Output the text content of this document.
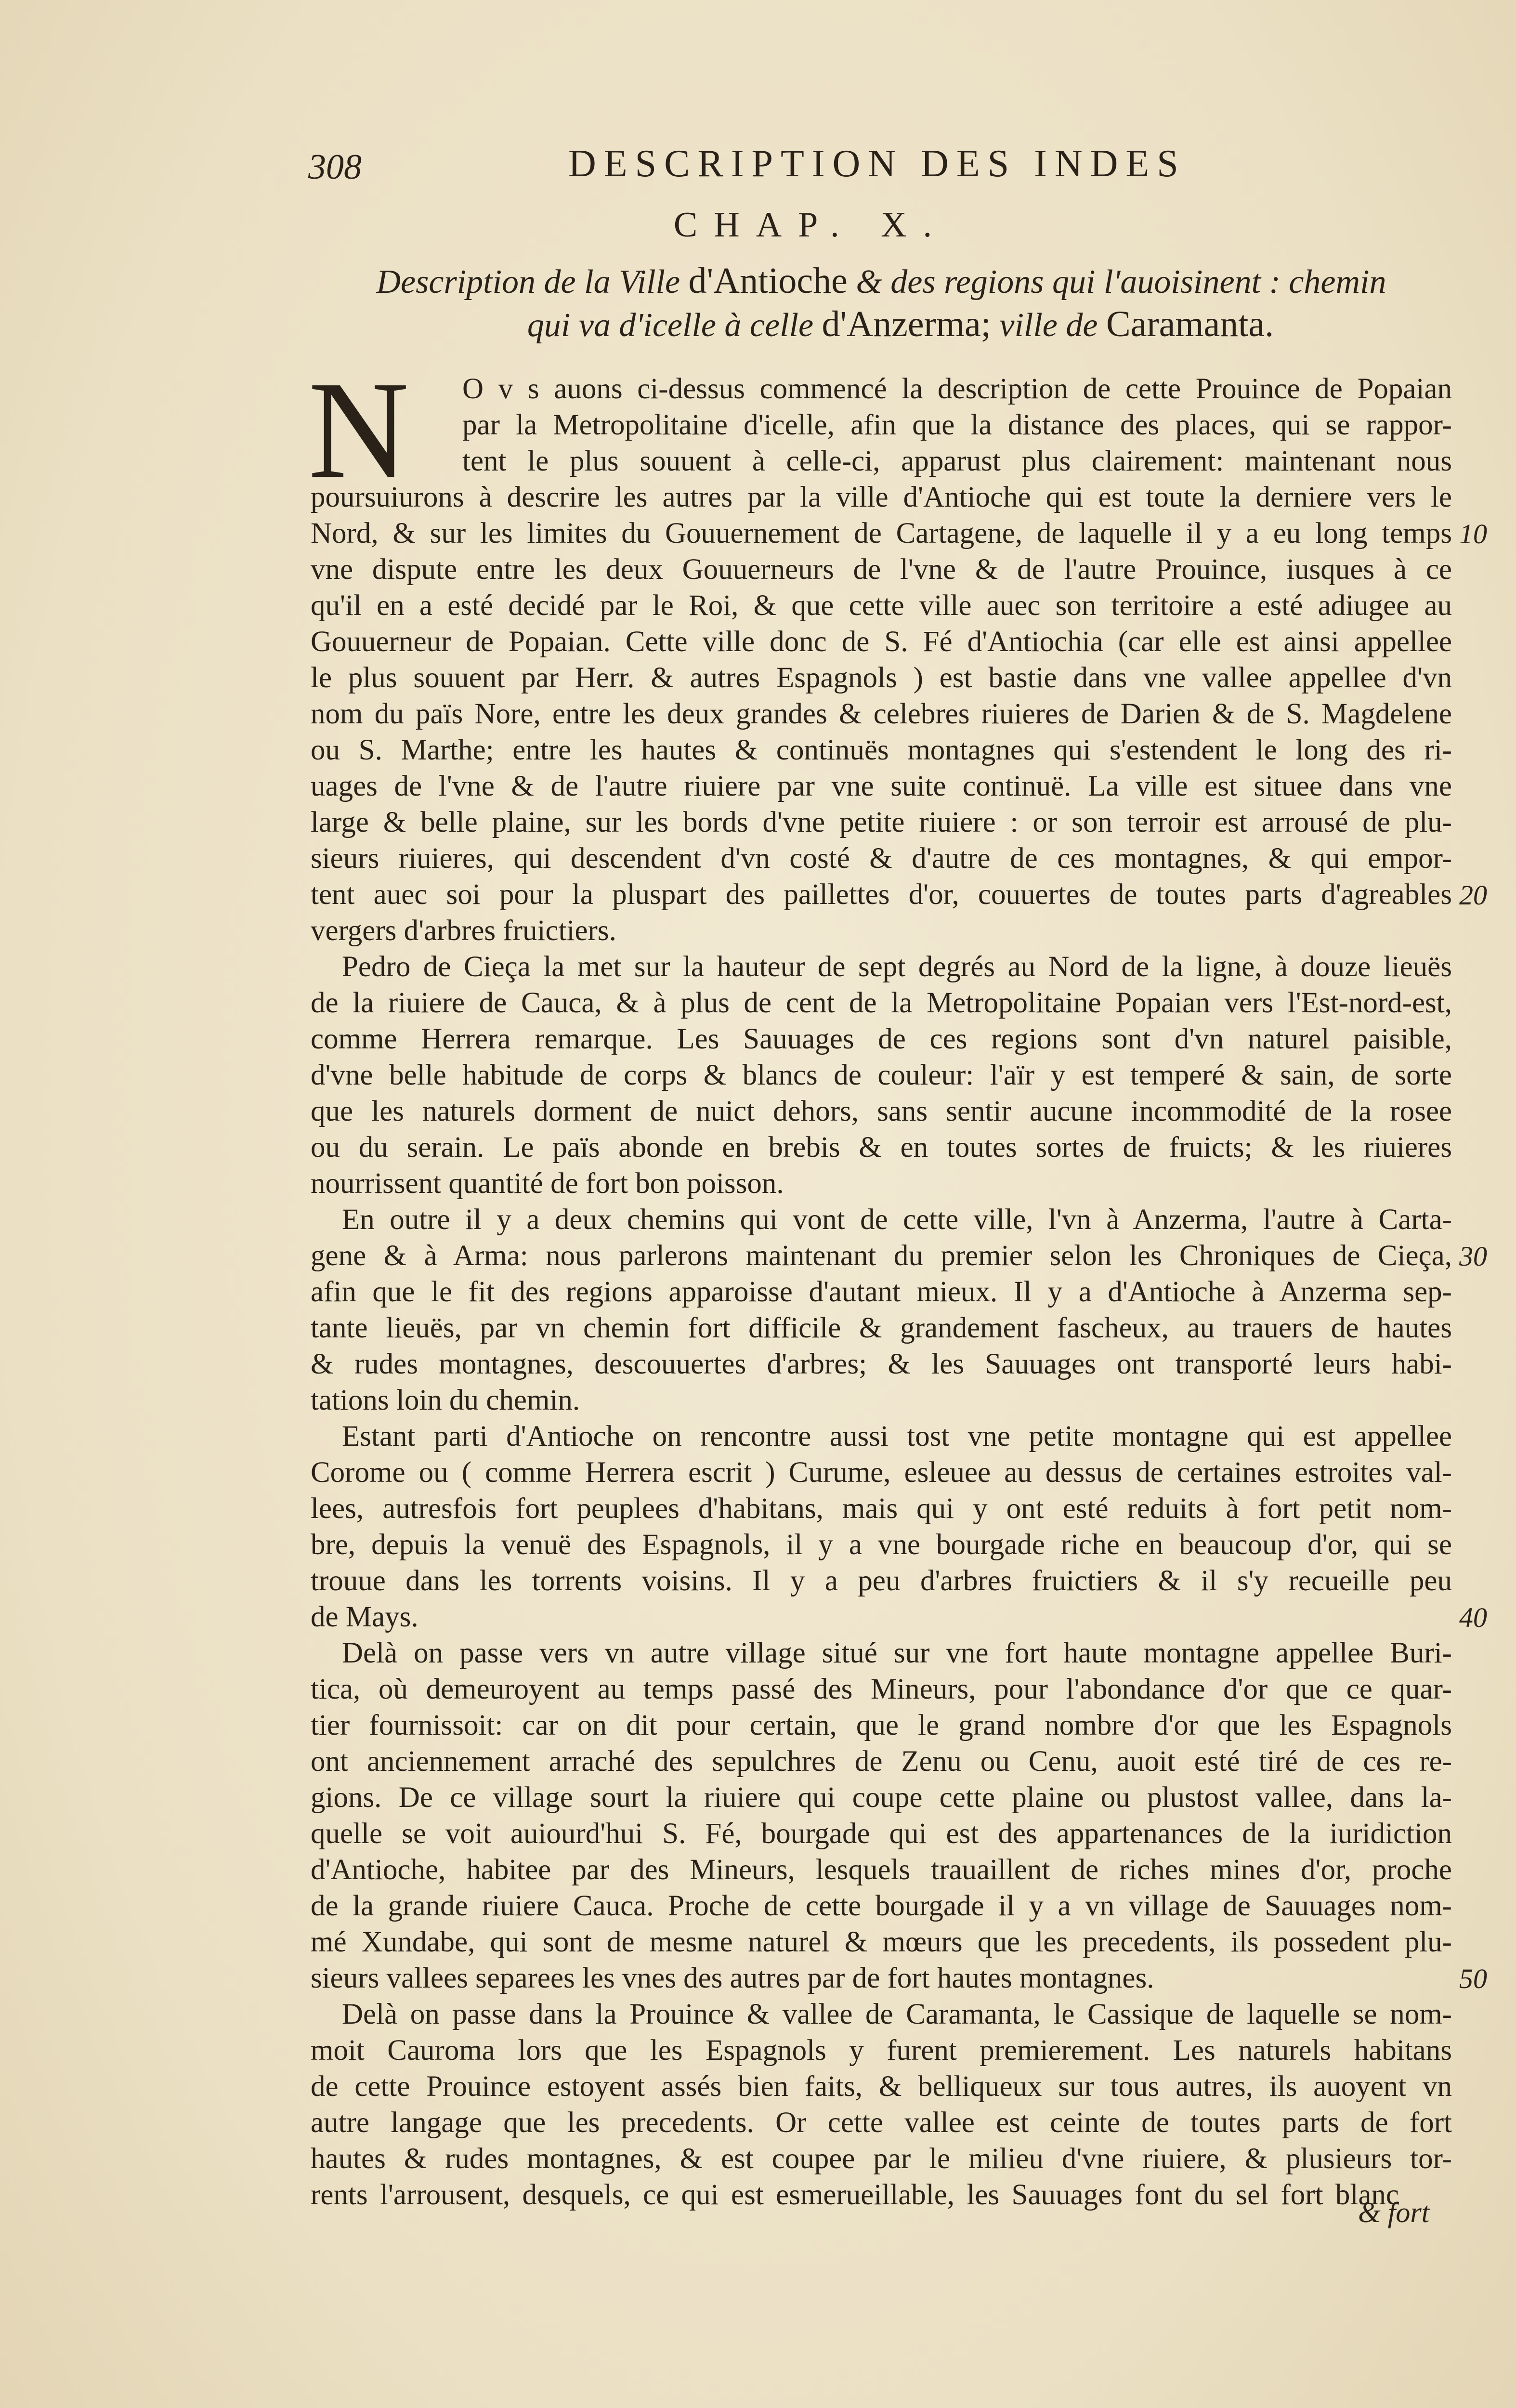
308	DESCRIPTION DES INDES
CHAP. X.
Description de la Ville d'Antioche & des regions qui l'auoisinent : chemin
qui va d'icelle à celle d'Anzerma; ville de Caramanta.
N O v s auons ci-dessus commencé la description de cette Prouince de Popaian
par la Metropolitaine d'icelle, afin que la distance des places, qui se rappor-
tent le plus souuent à celle-ci, apparust plus clairement: maintenant nous
poursuiurons à descrire les autres par la ville d'Antioche qui est toute la derniere vers le
Nord, & sur les limites du Gouuernement de Cartagene, de laquelle il y a eu long temps
vne dispute entre les deux Gouuerneurs de l'vne & de l'autre Prouince, iusques à ce
qu'il en a esté decidé par le Roi, & que cette ville auec son territoire a esté adiugee au
Gouuerneur de Popaian. Cette ville donc de S. Fé d'Antiochia (car elle est ainsi appellee
le plus souuent par Herr. & autres Espagnols ) est bastie dans vne vallee appellee d'vn
nom du païs Nore, entre les deux grandes & celebres riuieres de Darien & de S. Magdelene
ou S. Marthe; entre les hautes & continuës montagnes qui s'estendent le long des ri-
uages de l'vne & de l'autre riuiere par vne suite continuë. La ville est situee dans vne
large & belle plaine, sur les bords d'vne petite riuiere : or son terroir est arrousé de plu-
sieurs riuieres, qui descendent d'vn costé & d'autre de ces montagnes, & qui empor-
tent auec soi pour la pluspart des paillettes d'or, couuertes de toutes parts d'agreables
vergers d'arbres fruictiers.
Pedro de Cieça la met sur la hauteur de sept degrés au Nord de la ligne, à douze lieuës
de la riuiere de Cauca, & à plus de cent de la Metropolitaine Popaian vers l'Est-nord-est,
comme Herrera remarque. Les Sauuages de ces regions sont d'vn naturel paisible,
d'vne belle habitude de corps & blancs de couleur: l'aïr y est temperé & sain, de sorte
que les naturels dorment de nuict dehors, sans sentir aucune incommodité de la rosee
ou du serain. Le païs abonde en brebis & en toutes sortes de fruicts; & les riuieres
nourrissent quantité de fort bon poisson.
En outre il y a deux chemins qui vont de cette ville, l'vn à Anzerma, l'autre à Carta-
gene & à Arma: nous parlerons maintenant du premier selon les Chroniques de Cieça,
afin que le fit des regions apparoisse d'autant mieux. Il y a d'Antioche à Anzerma sep-
tante lieuës, par vn chemin fort difficile & grandement fascheux, au trauers de hautes
& rudes montagnes, descouuertes d'arbres; & les Sauuages ont transporté leurs habi-
tations loin du chemin.
Estant parti d'Antioche on rencontre aussi tost vne petite montagne qui est appellee
Corome ou ( comme Herrera escrit ) Curume, esleuee au dessus de certaines estroites val-
lees, autresfois fort peuplees d'habitans, mais qui y ont esté reduits à fort petit nom-
bre, depuis la venuë des Espagnols, il y a vne bourgade riche en beaucoup d'or, qui se
trouue dans les torrents voisins. Il y a peu d'arbres fruictiers & il s'y recueille peu
de Mays.
Delà on passe vers vn autre village situé sur vne fort haute montagne appellee Buri-
tica, où demeuroyent au temps passé des Mineurs, pour l'abondance d'or que ce quar-
tier fournissoit: car on dit pour certain, que le grand nombre d'or que les Espagnols
ont anciennement arraché des sepulchres de Zenu ou Cenu, auoit esté tiré de ces re-
gions. De ce village sourt la riuiere qui coupe cette plaine ou plustost vallee, dans la-
quelle se voit auiourd'hui S. Fé, bourgade qui est des appartenances de la iuridiction
d'Antioche, habitee par des Mineurs, lesquels trauaillent de riches mines d'or, proche
de la grande riuiere Cauca. Proche de cette bourgade il y a vn village de Sauuages nom-
mé Xundabe, qui sont de mesme naturel & mœurs que les precedents, ils possedent plu-
sieurs vallees separees les vnes des autres par de fort hautes montagnes.
Delà on passe dans la Prouince & vallee de Caramanta, le Cassique de laquelle se nom-
moit Cauroma lors que les Espagnols y furent premierement. Les naturels habitans
de cette Prouince estoyent assés bien faits, & belliqueux sur tous autres, ils auoyent vn
autre langage que les precedents. Or cette vallee est ceinte de toutes parts de fort
hautes & rudes montagnes, & est coupee par le milieu d'vne riuiere, & plusieurs tor-
rents l'arrousent, desquels, ce qui est esmerueillable, les Sauuages font du sel fort blanc
10
20
30
40
50
& fort
